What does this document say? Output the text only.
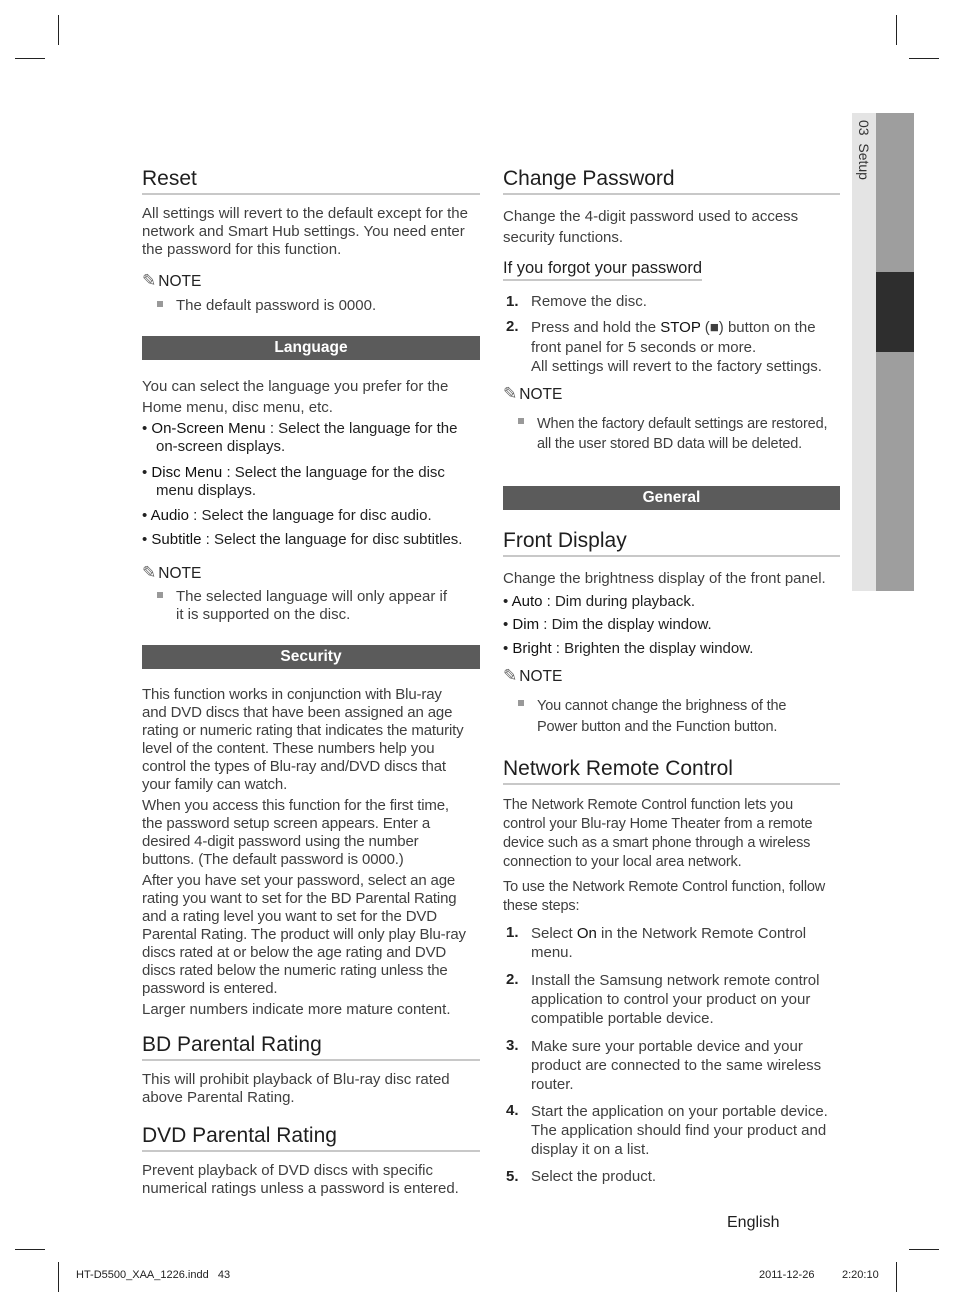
03  Setup
Reset
All settings will revert to the default except for the
network and Smart Hub settings. You need enter
the password for this function.
✎ NOTE
The default password is 0000.
Language
You can select the language you prefer for the
Home menu, disc menu, etc.
• On-Screen Menu : Select the language for the
on-screen displays.
• Disc Menu : Select the language for the disc
menu displays.
• Audio : Select the language for disc audio.
• Subtitle : Select the language for disc subtitles.
✎ NOTE
The selected language will only appear if
it is supported on the disc.
Security
This function works in conjunction with Blu-ray
and DVD discs that have been assigned an age
rating or numeric rating that indicates the maturity
level of the content. These numbers help you
control the types of Blu-ray and/DVD discs that
your family can watch.
When you access this function for the first time,
the password setup screen appears. Enter a
desired 4-digit password using the number
buttons. (The default password is 0000.)
After you have set your password, select an age
rating you want to set for the BD Parental Rating
and a rating level you want to set for the DVD
Parental Rating. The product will only play Blu-ray
discs rated at or below the age rating and DVD
discs rated below the numeric rating unless the
password is entered.
Larger numbers indicate more mature content.
BD Parental Rating
This will prohibit playback of Blu-ray disc rated
above Parental Rating.
DVD Parental Rating
Prevent playback of DVD discs with specific
numerical ratings unless a password is entered.
Change Password
Change the 4-digit password used to access
security functions.
If you forgot your password
1. Remove the disc.
2. Press and hold the STOP (■) button on the
front panel for 5 seconds or more.
All settings will revert to the factory settings.
✎ NOTE
When the factory default settings are restored,
all the user stored BD data will be deleted.
General
Front Display
Change the brightness display of the front panel.
• Auto : Dim during playback.
• Dim : Dim the display window.
• Bright : Brighten the display window.
✎ NOTE
You cannot change the brighness of the
Power button and the Function button.
Network Remote Control
The Network Remote Control function lets you
control your Blu-ray Home Theater from a remote
device such as a smart phone through a wireless
connection to your local area network.
To use the Network Remote Control function, follow
these steps:
1. Select On in the Network Remote Control
menu.
2. Install the Samsung network remote control
application to control your product on your
compatible portable device.
3. Make sure your portable device and your
product are connected to the same wireless
router.
4. Start the application on your portable device.
The application should find your product and
display it on a list.
5. Select the product.
English
HT-D5500_XAA_1226.indd   43	2011-12-26	2:20:10
